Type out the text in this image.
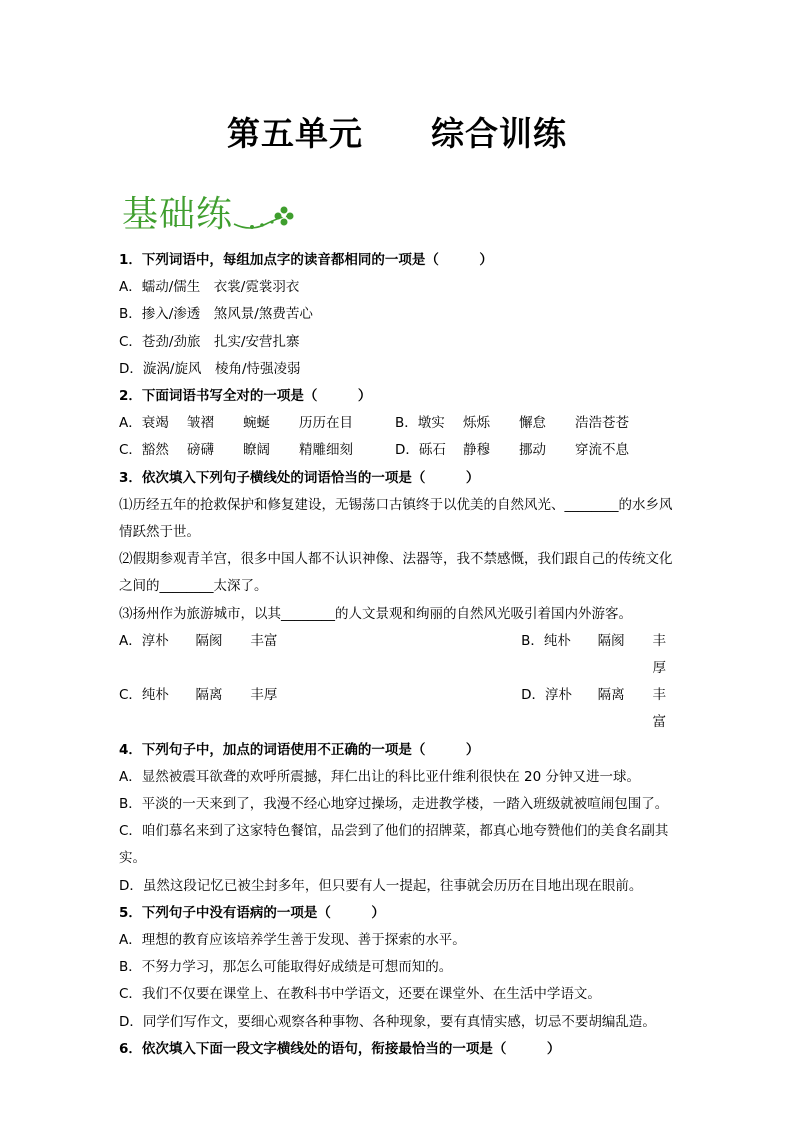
第五单元　　综合训练
基础练
1．下列词语中，每组加点字的读音都相同的一项是（　　　）
A．蠕动/儒生　衣裳/霓裳羽衣
B．掺入/渗透　煞风景/煞费苦心
C．苍劲/劲旅　扎实/安营扎寨
D．漩涡/旋风　棱角/恃强凌弱
2．下面词语书写全对的一项是（　　　）
A．衰竭	皱褶	蜿蜒	历历在目	B．墩实	烁烁	懈怠	浩浩苍苍
C．豁然	磅礴	瞭阔	精雕细刻	D．砾石	静穆	挪动	穿流不息
3．依次填入下列句子横线处的词语恰当的一项是（　　　）
⑴历经五年的抢救保护和修复建设，无锡荡口古镇终于以优美的自然风光、________的水乡风情跃然于世。
⑵假期参观青羊宫，很多中国人都不认识神像、法器等，我不禁感慨，我们跟自己的传统文化之间的________太深了。
⑶扬州作为旅游城市，以其________的人文景观和绚丽的自然风光吸引着国内外游客。
A．淳朴	隔阂	丰富	B．纯朴	隔阂	丰厚
C．纯朴	隔离	丰厚	D．淳朴	隔离	丰富
4．下列句子中，加点的词语使用不正确的一项是（　　　）
A．显然被震耳欲聋的欢呼所震撼，拜仁出让的科比亚什维利很快在 20 分钟又进一球。
B．平淡的一天来到了，我漫不经心地穿过操场，走进教学楼，一踏入班级就被喧闹包围了。
C．咱们慕名来到了这家特色餐馆，品尝到了他们的招牌菜，都真心地夸赞他们的美食名副其实。
D．虽然这段记忆已被尘封多年，但只要有人一提起，往事就会历历在目地出现在眼前。
5．下列句子中没有语病的一项是（　　　）
A．理想的教育应该培养学生善于发现、善于探索的水平。
B．不努力学习，那怎么可能取得好成绩是可想而知的。
C．我们不仅要在课堂上、在教科书中学语文，还要在课堂外、在生活中学语文。
D．同学们写作文，要细心观察各种事物、各种现象，要有真情实感，切忌不要胡编乱造。
6．依次填入下面一段文字横线处的语句，衔接最恰当的一项是（　　　）
